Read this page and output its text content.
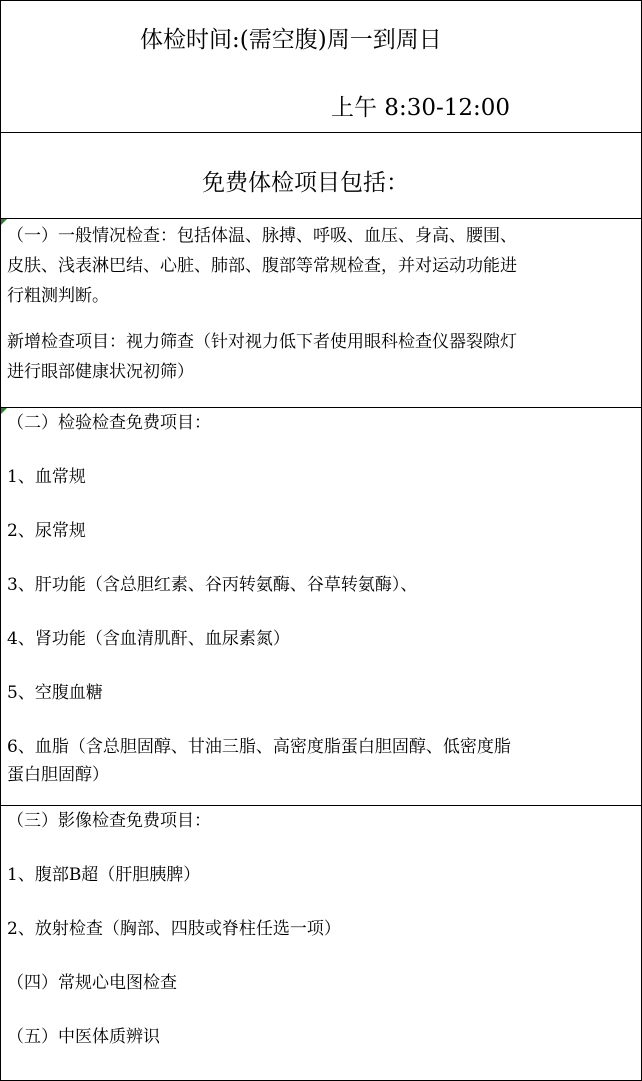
体检时间:(需空腹)周一到周日
上午 8:30-12:00
免费体检项目包括：
（一）一般情况检查：包括体温、脉搏、呼吸、血压、身高、腰围、
皮肤、浅表淋巴结、心脏、肺部、腹部等常规检查，并对运动功能进
行粗测判断。
新增检查项目：视力筛查（针对视力低下者使用眼科检查仪器裂隙灯
进行眼部健康状况初筛）
（二）检验检查免费项目：
1、血常规
2、尿常规
3、肝功能（含总胆红素、谷丙转氨酶、谷草转氨酶）、
4、肾功能（含血清肌酐、血尿素氮）
5、空腹血糖
6、血脂（含总胆固醇、甘油三脂、高密度脂蛋白胆固醇、低密度脂
蛋白胆固醇）
（三）影像检查免费项目：
1、腹部B超（肝胆胰脾）
2、放射检查（胸部、四肢或脊柱任选一项）
（四）常规心电图检查
（五）中医体质辨识
